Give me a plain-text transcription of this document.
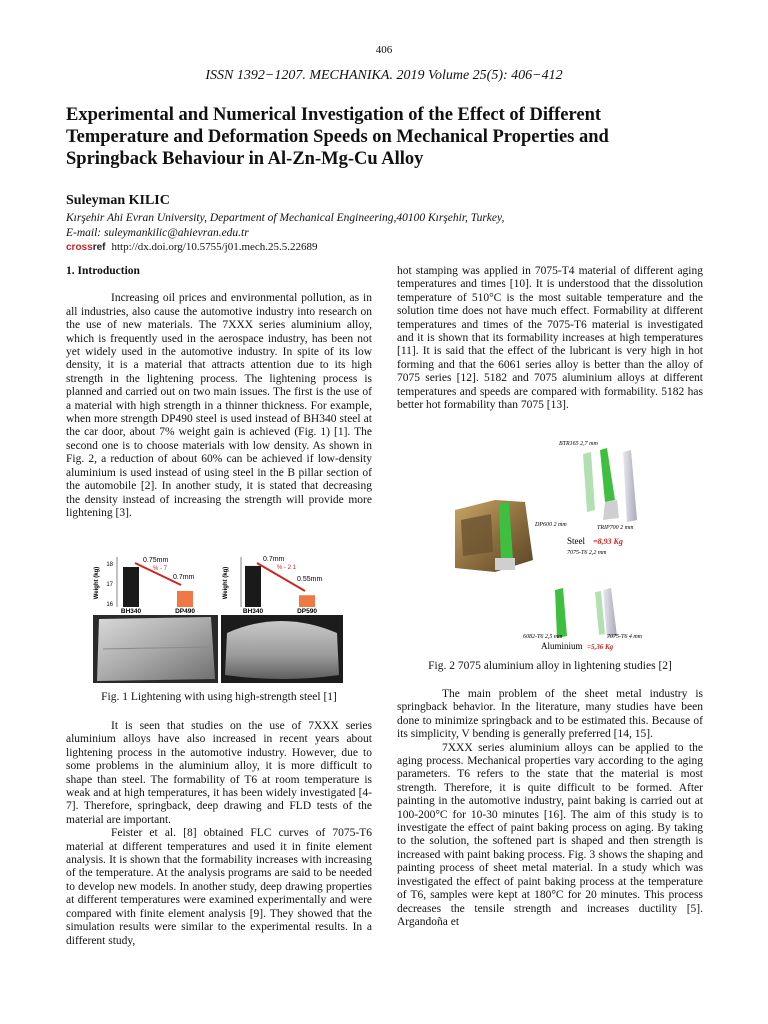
406
ISSN 1392−1207. MECHANIKA. 2019 Volume 25(5): 406−412
Experimental and Numerical Investigation of the Effect of Different
Temperature and Deformation Speeds on Mechanical Properties and
Springback Behaviour in Al-Zn-Mg-Cu Alloy
Suleyman KILIC
Kırşehir Ahi Evran University, Department of Mechanical Engineering,40100 Kırşehir, Turkey,
E-mail: suleymankilic@ahievran.edu.tr
crossref http://dx.doi.org/10.5755/j01.mech.25.5.22689
1. Introduction

Increasing oil prices and environmental pollution, as in all industries, also cause the automotive industry into research on the use of new materials. The 7XXX series aluminium alloy, which is frequently used in the aerospace industry, has been not yet widely used in the automotive industry. In spite of its low density, it is a material that attracts attention due to its high strength in the lightening process. The lightening process is planned and carried out on two main issues. The first is the use of a material with high strength in a thinner thickness. For example, when more strength DP490 steel is used instead of BH340 steel at the car door, about 7% weight gain is achieved (Fig. 1) [1]. The second one is to choose materials with low density. As shown in Fig. 2, a reduction of about 60% can be achieved if low-density aluminium is used instead of using steel in the B pillar section of the automobile [2]. In another study, it is stated that decreasing the density instead of increasing the strength will provide more lightening [3].

Weight (kg)
18
17
16
0.75mm
% - 7
0.7mm
BH340	DP490
Weight (kg)
0.7mm
% - 2 1
0.55mm
BH340	DP590
Fig. 1 Lightening with using high-strength steel [1]

It is seen that studies on the use of 7XXX series aluminium alloys have also increased in recent years about lightening process in the automotive industry. However, due to some problems in the aluminium alloy, it is more difficult to shape than steel. The formability of T6 at room temperature is weak and at high temperatures, it has been widely investigated [4-7]. Therefore, springback, deep drawing and FLD tests of the material are important.

Feister et al. [8] obtained FLC curves of 7075-T6 material at different temperatures and used it in finite element analysis. It is shown that the formability increases with increasing of the temperature. At the analysis programs are said to be needed to develop new models. In another study, deep drawing properties at different temperatures were examined experimentally and were compared with finite element analysis [9]. They showed that the simulation results were similar to the experimental results. In a different study,

hot stamping was applied in 7075-T4 material of different aging temperatures and times [10]. It is understood that the dissolution temperature of 510°C is the most suitable temperature and the solution time does not have much effect. Formability at different temperatures and times of the 7075-T6 material is investigated and it is shown that its formability increases at high temperatures [11]. It is said that the effect of the lubricant is very high in hot forming and that the 6061 series alloy is better than the alloy of 7075 series [12]. 5182 and 7075 aluminium alloys at different temperatures and speeds are compared with formability. 5182 has better hot formability than 7075 [13].

BTR165 2,7 mm
DP600 2 mm	TRIP700 2 mm
Steel =8,93 Kg
7075-T6 2,2 mm
6082-T6 2,5 mm	7075-T6 4 mm
Aluminium =5,36 Kg
Fig. 2 7075 aluminium alloy in lightening studies [2]

The main problem of the sheet metal industry is springback behavior. In the literature, many studies have been done to minimize springback and to be estimated this. Because of its simplicity, V bending is generally preferred [14, 15].

7XXX series aluminium alloys can be applied to the aging process. Mechanical properties vary according to the aging parameters. T6 refers to the state that the material is most strength. Therefore, it is quite difficult to be formed. After painting in the automotive industry, paint baking is carried out at 100-200°C for 10-30 minutes [16]. The aim of this study is to investigate the effect of paint baking process on aging. By taking to the solution, the softened part is shaped and then strength is increased with paint baking process. Fig. 3 shows the shaping and painting process of sheet metal material. In a study which was investigated the effect of paint baking process at the temperature of T6, samples were kept at 180°C for 20 minutes. This process decreases the tensile strength and increases ductility [5]. Argandoña et
